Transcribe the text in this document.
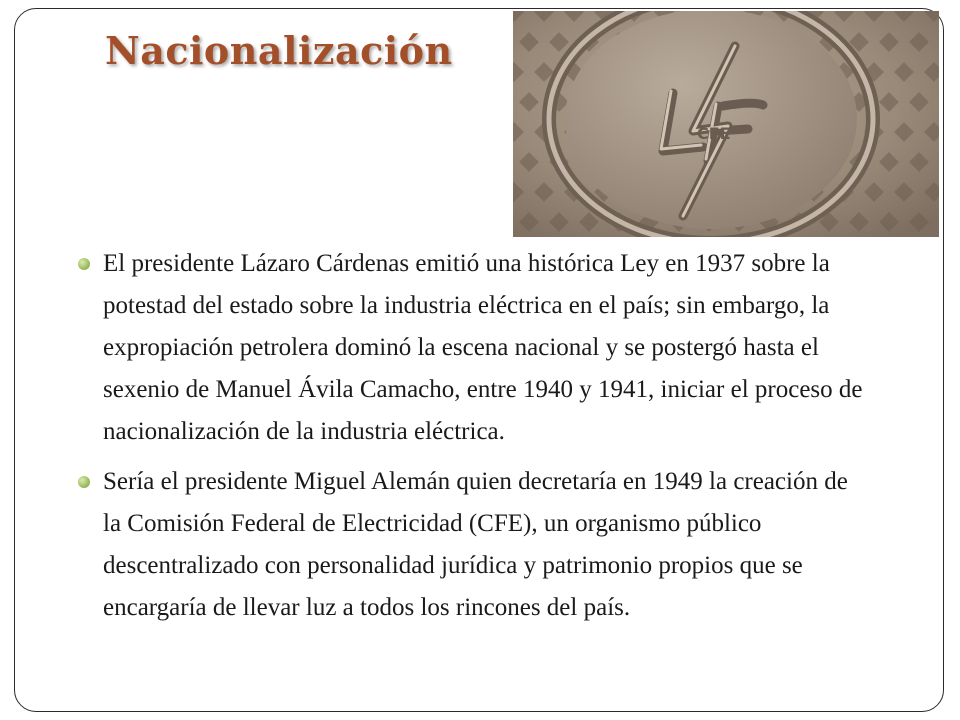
Nacionalización
CFE
El presidente Lázaro Cárdenas emitió una histórica Ley en 1937 sobre la potestad del estado sobre la industria eléctrica en el país; sin embargo, la expropiación petrolera dominó la escena nacional y se postergó hasta el sexenio de Manuel Ávila Camacho, entre 1940 y 1941, iniciar el proceso de nacionalización de la industria eléctrica.
Sería el presidente Miguel Alemán quien decretaría en 1949 la creación de la Comisión Federal de Electricidad (CFE), un organismo público descentralizado con personalidad jurídica y patrimonio propios que se encargaría de llevar luz a todos los rincones del país.
